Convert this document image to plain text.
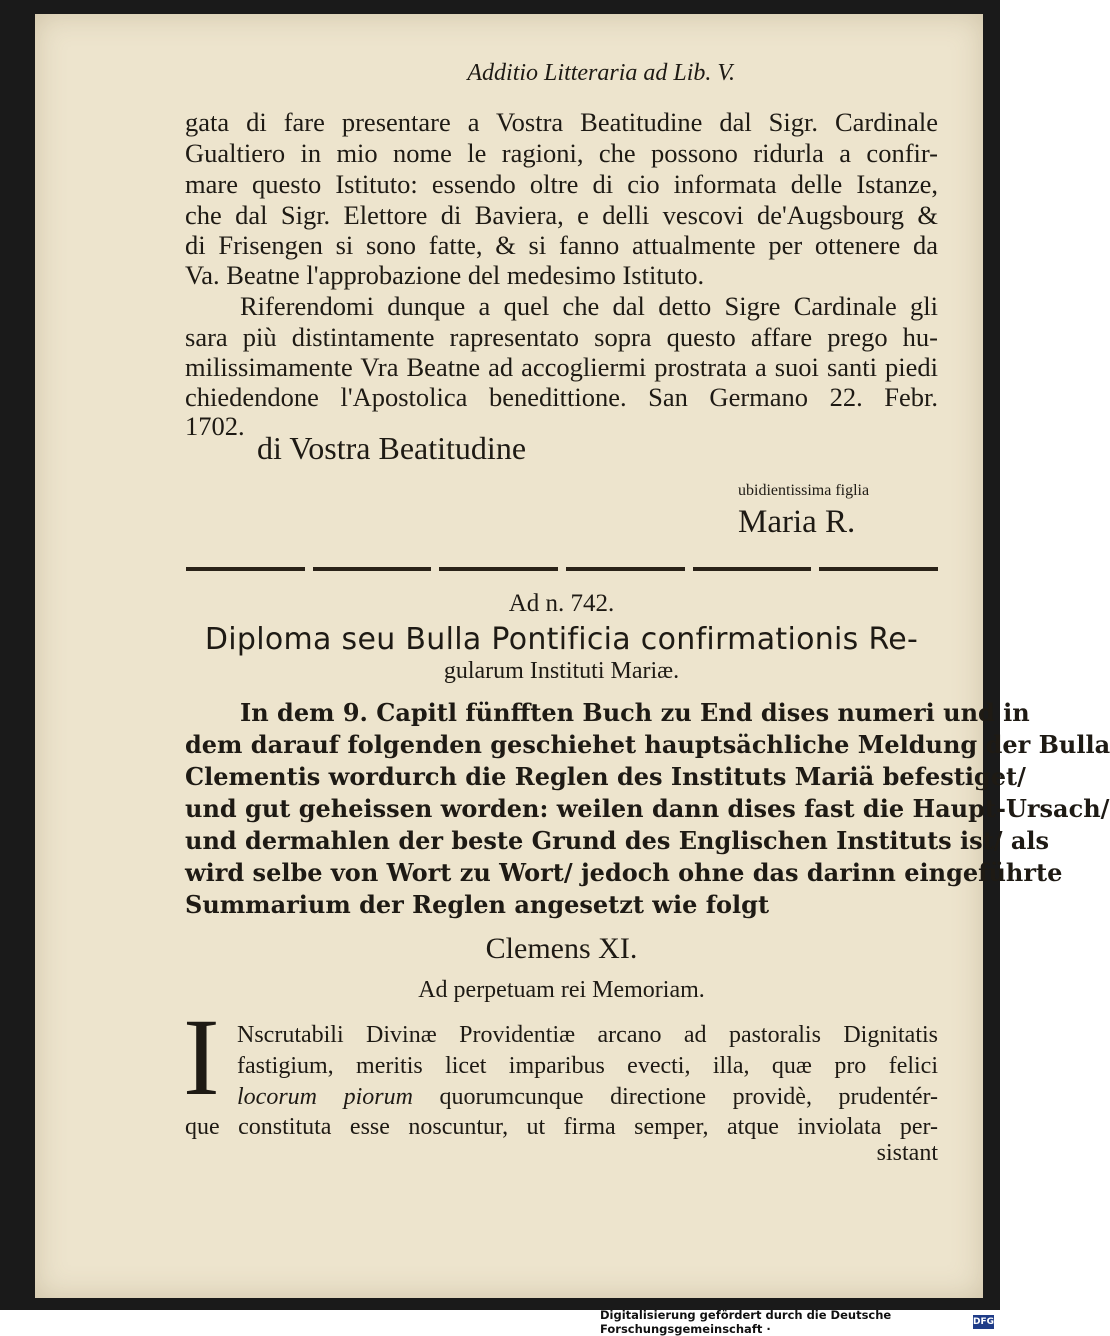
Additio Litteraria ad Lib. V.
gata di fare presentare a Vostra Beatitudine dal Sigr. Cardinale
Gualtiero in mio nome le ragioni, che possono ridurla a confir-
mare questo Istituto: essendo oltre di cio informata delle Istanze,
che dal Sigr. Elettore di Baviera, e delli vescovi de'Augsbourg &
di Frisengen si sono fatte, & si fanno attualmente per ottenere da
Va. Beatne l'approbazione del medesimo Istituto.
Riferendomi dunque a quel che dal detto Sigre Cardinale gli
sara più distintamente rapresentato sopra questo affare prego hu-
milissimamente Vra Beatne ad accogliermi prostrata a suoi santi piedi
chiedendone l'Apostolica benedittione. San Germano 22. Febr.
1702.
di Vostra Beatitudine
ubidientissima figlia
Maria R.
Ad n. 742.
Diploma seu Bulla Pontificia confirmationis Re-
gularum Instituti Mariæ.
In dem 9. Capitl fünfften Buch zu End dises numeri und in
dem darauf folgenden geschiehet hauptsächliche Meldung der Bulla
Clementis wordurch die Reglen des Instituts Mariä befestiget/
und gut geheissen worden: weilen dann dises fast die Haupt-Ursach/
und dermahlen der beste Grund des Englischen Instituts ist/ als
wird selbe von Wort zu Wort/ jedoch ohne das darinn eingeführte
Summarium der Reglen angesetzt wie folgt
Clemens XI.
Ad perpetuam rei Memoriam.
I Nscrutabili Divinæ Providentiæ arcano ad pastoralis Dignitatis
fastigium, meritis licet imparibus evecti, illa, quæ pro felici
locorum piorum quorumcunque directione providè, prudentér-
que constituta esse noscuntur, ut firma semper, atque inviolata per-
sistant
Digitalisierung gefördert durch die Deutsche Forschungsgemeinschaft ·	DFG
